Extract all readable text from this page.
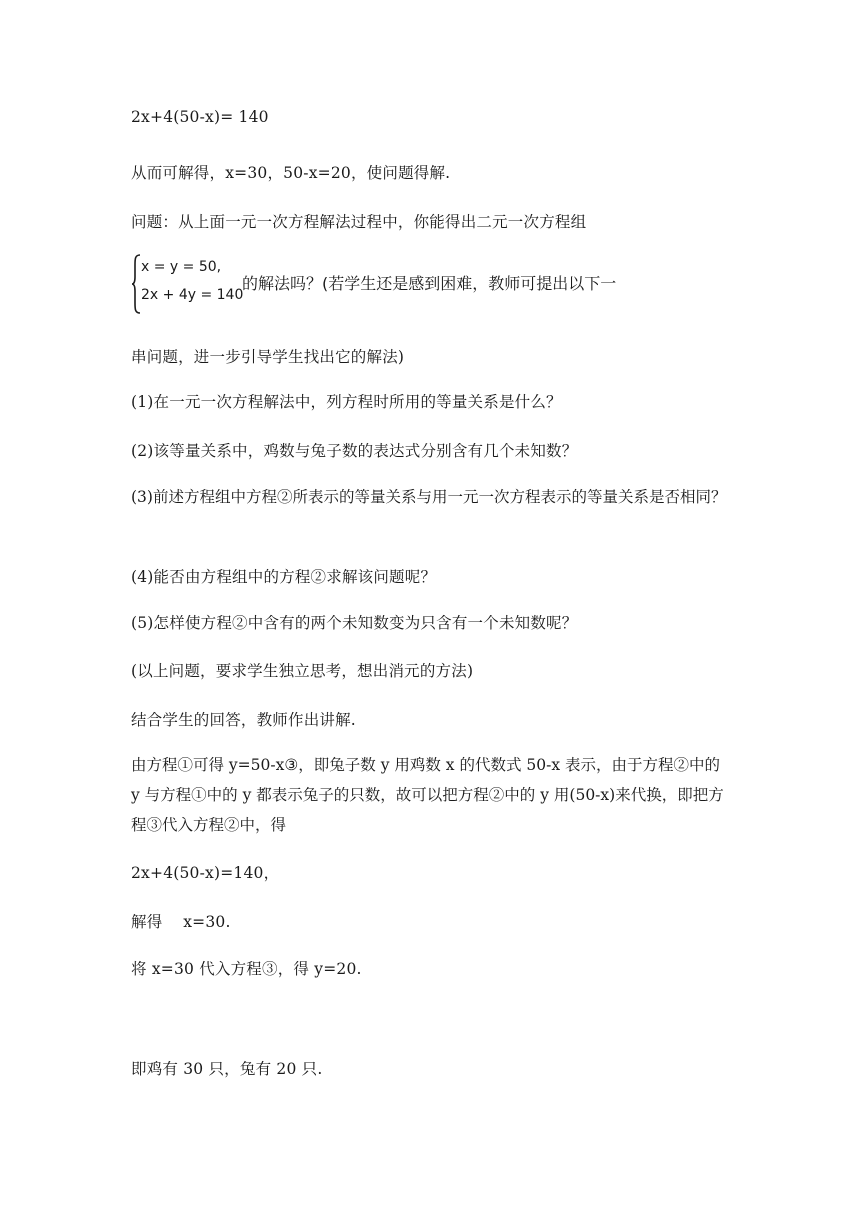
2x+4(50-x)= 140
从而可解得，x=30，50-x=20，使问题得解.
问题：从上面一元一次方程解法过程中，你能得出二元一次方程组
x = y = 50,
2x + 4y = 140
的解法吗？(若学生还是感到困难，教师可提出以下一
串问题，进一步引导学生找出它的解法)
(1)在一元一次方程解法中，列方程时所用的等量关系是什么？
(2)该等量关系中，鸡数与兔子数的表达式分别含有几个未知数？
(3)前述方程组中方程②所表示的等量关系与用一元一次方程表示的等量关系是否相同？
(4)能否由方程组中的方程②求解该问题呢？
(5)怎样使方程②中含有的两个未知数变为只含有一个未知数呢？
(以上问题，要求学生独立思考，想出消元的方法)
结合学生的回答，教师作出讲解.
由方程①可得 y=50-x③，即兔子数 y 用鸡数 x 的代数式 50-x 表示，由于方程②中的 y 与方程①中的 y 都表示兔子的只数，故可以把方程②中的 y 用(50-x)来代换，即把方程③代入方程②中，得
2x+4(50-x)=140，
解得　 x=30.
将 x=30 代入方程③，得 y=20.
即鸡有 30 只，兔有 20 只.
